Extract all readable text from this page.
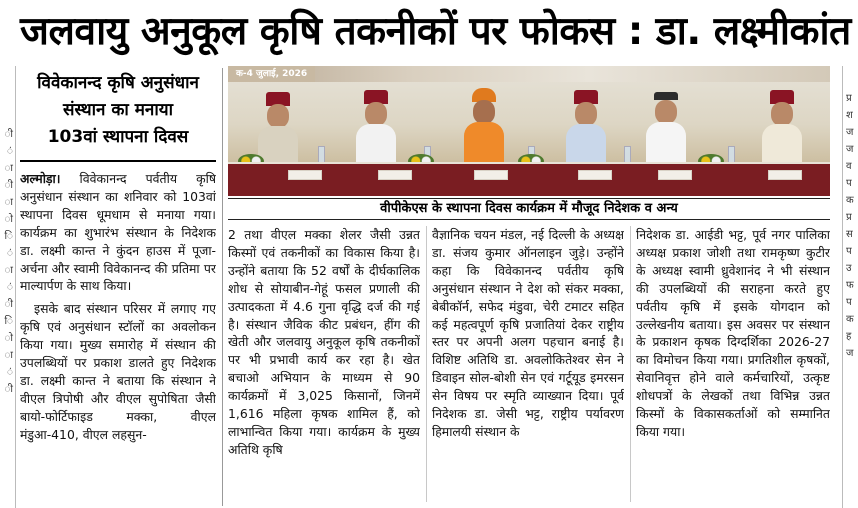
जलवायु अनुकूल कृषि तकनीकों पर फोकस : डा. लक्ष्मीकांत
ी
ं
ा
ी
ा
ो
ि
ं
ा
ं
ी
ि
ो
ा
ं
ी
प्र
श
ज
ज
व
प
क
प्र
स
प
उ
फ
प
क
ह
ज
विवेकानन्द कृषि अनुसंधान
संस्थान का मनाया
103वां स्थापना दिवस
क-4 जुलाई, 2026
वीपीकेएस के स्थापना दिवस कार्यक्रम में मौजूद निदेशक व अन्य

अल्मोड़ा। विवेकानन्द पर्वतीय कृषि अनुसंधान संस्थान का शनिवार को 103वां स्थापना दिवस धूमधाम से मनाया गया। कार्यक्रम का शुभारंभ संस्थान के निदेशक डा. लक्ष्मी कान्त ने कुंदन हाउस में पूजा-अर्चना और स्वामी विवेकानन्द की प्रतिमा पर माल्यार्पण के साथ किया।

इसके बाद संस्थान परिसर में लगाए गए कृषि एवं अनुसंधान स्टॉलों का अवलोकन किया गया। मुख्य समारोह में संस्थान की उपलब्धियों पर प्रकाश डालते हुए निदेशक डा. लक्ष्मी कान्त ने बताया कि संस्थान ने वीएल त्रिपोषी और वीएल सुपोषिता जैसी बायो-फोर्टिफाइड मक्का, वीएल मंडुआ-410, वीएल लहसुन-

2 तथा वीएल मक्का शेलर जैसी उन्नत किस्मों एवं तकनीकों का विकास किया है। उन्होंने बताया कि 52 वर्षों के दीर्घकालिक शोध से सोयाबीन-गेहूं फसल प्रणाली की उत्पादकता में 4.6 गुना वृद्धि दर्ज की गई है। संस्थान जैविक कीट प्रबंधन, हींग की खेती और जलवायु अनुकूल कृषि तकनीकों पर भी प्रभावी कार्य कर रहा है। खेत बचाओ अभियान के माध्यम से 90 कार्यक्रमों में 3,025 किसानों, जिनमें 1,616 महिला कृषक शामिल हैं, को लाभान्वित किया गया। कार्यक्रम के मुख्य अतिथि कृषि

वैज्ञानिक चयन मंडल, नई दिल्ली के अध्यक्ष डा. संजय कुमार ऑनलाइन जुड़े। उन्होंने कहा कि विवेकानन्द पर्वतीय कृषि अनुसंधान संस्थान ने देश को संकर मक्का, बेबीकॉर्न, सफेद मंडुवा, चेरी टमाटर सहित कई महत्वपूर्ण कृषि प्रजातियां देकर राष्ट्रीय स्तर पर अपनी अलग पहचान बनाई है। विशिष्ट अतिथि डा. अवलोकितेश्वर सेन ने डिवाइन सोल-बोशी सेन एवं गर्टूयूड इमरसन सेन विषय पर स्मृति व्याख्यान दिया। पूर्व निदेशक डा. जेसी भट्ट, राष्ट्रीय पर्यावरण हिमालयी संस्थान के

निदेशक डा. आईडी भट्ट, पूर्व नगर पालिका अध्यक्ष प्रकाश जोशी तथा रामकृष्ण कुटीर के अध्यक्ष स्वामी ध्रुवेशानंद ने भी संस्थान की उपलब्धियों की सराहना करते हुए पर्वतीय कृषि में इसके योगदान को उल्लेखनीय बताया। इस अवसर पर संस्थान के प्रकाशन कृषक दिग्दर्शिका 2026-27 का विमोचन किया गया। प्रगतिशील कृषकों, सेवानिवृत्त होने वाले कर्मचारियों, उत्कृष्ट शोधपत्रों के लेखकों तथा विभिन्न उन्नत किस्मों के विकासकर्ताओं को सम्मानित किया गया।
